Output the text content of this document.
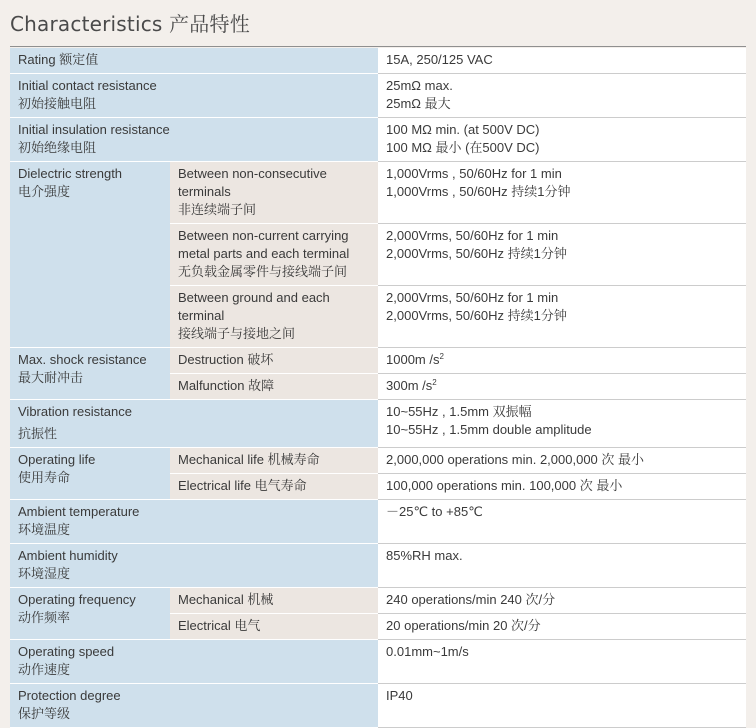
Characteristics 产品特性
Rating 额定值		15A, 250/125 VAC

Initial contact resistance
初始接触电阻		25mΩ max.
25mΩ 最大

Initial insulation resistance
初始绝缘电阻		100 MΩ min. (at 500V DC)
100 MΩ 最小 (在500V DC)

Dielectric strength
电介强度	Between non-consecutive
terminals
非连续端子间	1,000Vrms , 50/60Hz for 1 min
1,000Vrms , 50/60Hz 持续1分钟

	Between non-current carrying
metal parts and each terminal
无负载金属零件与接线端子间	2,000Vrms, 50/60Hz for 1 min
2,000Vrms, 50/60Hz 持续1分钟

	Between ground and each
terminal
接线端子与接地之间	2,000Vrms, 50/60Hz for 1 min
2,000Vrms, 50/60Hz 持续1分钟

Max. shock resistance
最大耐冲击	Destruction 破坏	1000m $/s^2$

	Malfunction 故障	300m $/s^2$

Vibration resistance
抗振性		10~55Hz , 1.5mm 双振幅
10~55Hz , 1.5mm double amplitude

Operating life
使用寿命	Mechanical life 机械寿命	2,000,000 operations min. 2,000,000 次 最小

	Electrical life 电气寿命	100,000 operations min. 100,000 次 最小

Ambient temperature
环境温度		－25℃ to +85℃

Ambient humidity
环境湿度		85%RH max.

Operating frequency
动作频率	Mechanical 机械	240 operations/min 240 次/分

	Electrical 电气	20 operations/min 20 次/分

Operating speed
动作速度		0.01mm~1m/s

Protection degree
保护等级		IP40
